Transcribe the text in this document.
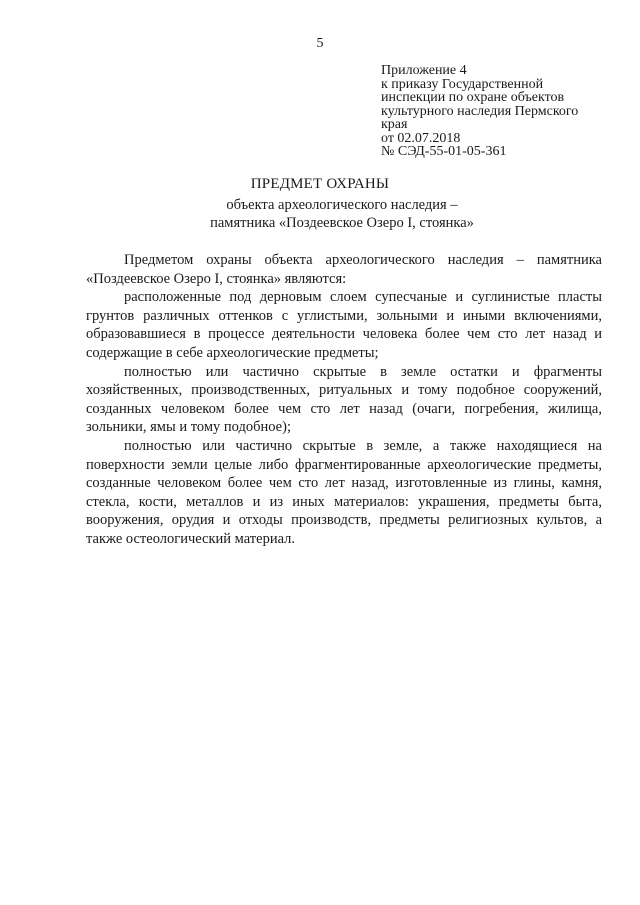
5
Приложение 4
к приказу Государственной
инспекции по охране объектов
культурного наследия Пермского
края
от 02.07.2018
№ СЭД-55-01-05-361
ПРЕДМЕТ ОХРАНЫ
объекта археологического наследия –
памятника «Поздеевское Озеро I, стоянка»

Предметом охраны объекта археологического наследия – памятника «Поздеевское Озеро I, стоянка» являются:

расположенные под дерновым слоем супесчаные и суглинистые пласты грунтов различных оттенков с углистыми, зольными и иными включениями, образовавшиеся в процессе деятельности человека более чем сто лет назад и содержащие в себе археологические предметы;

полностью или частично скрытые в земле остатки и фрагменты хозяйственных, производственных, ритуальных и тому подобное сооружений, созданных человеком более чем сто лет назад (очаги, погребения, жилища, зольники, ямы и тому подобное);

полностью или частично скрытые в земле, а также находящиеся на поверхности земли целые либо фрагментированные археологические предметы, созданные человеком более чем сто лет назад, изготовленные из глины, камня, стекла, кости, металлов и из иных материалов: украшения, предметы быта, вооружения, орудия и отходы производств, предметы религиозных культов, а также остеологический материал.
